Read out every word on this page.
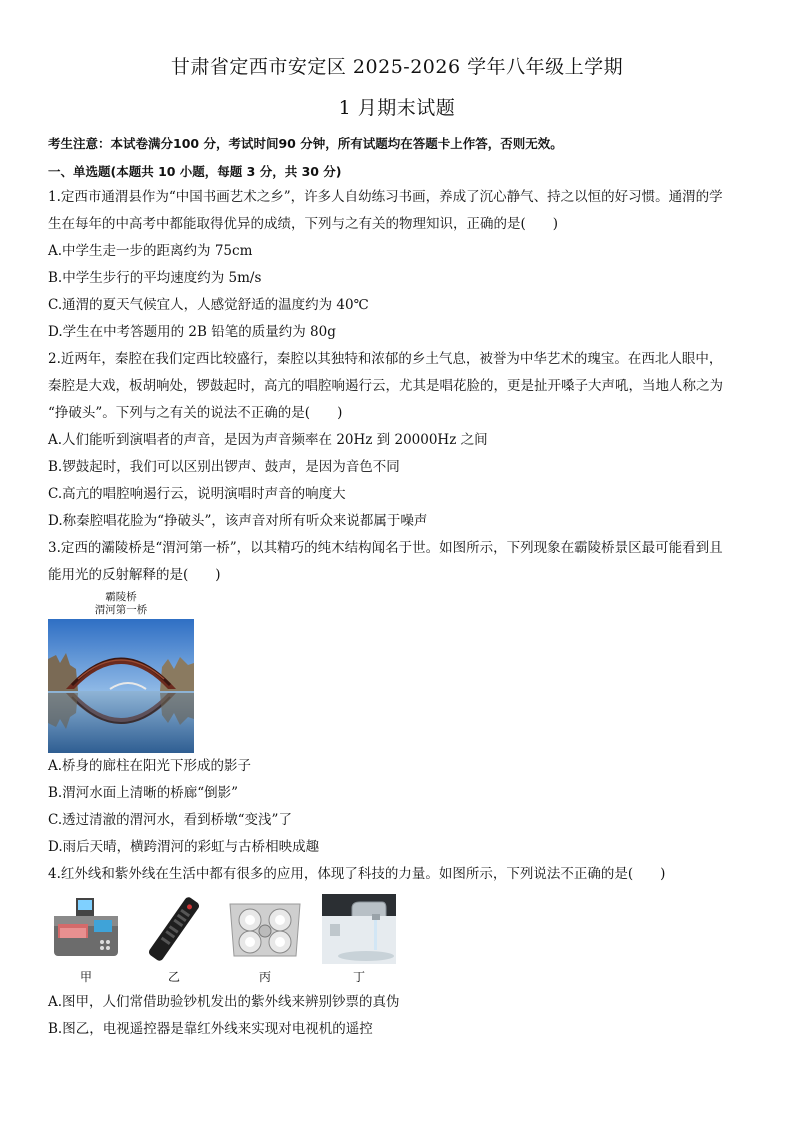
甘肃省定西市安定区 2025-2026 学年八年级上学期
1 月期末试题
考生注意：本试卷满分100 分，考试时间90 分钟，所有试题均在答题卡上作答，否则无效。
一、单选题(本题共 10 小题，每题 3 分，共 30 分)
1.定西市通渭县作为“中国书画艺术之乡”，许多人自幼练习书画，养成了沉心静气、持之以恒的好习惯。通渭的学
生在每年的中高考中都能取得优异的成绩，下列与之有关的物理知识，正确的是(　　)
A.中学生走一步的距离约为 75cm
B.中学生步行的平均速度约为 5m/s
C.通渭的夏天气候宜人，人感觉舒适的温度约为 40℃
D.学生在中考答题用的 2B 铅笔的质量约为 80g
2.近两年，秦腔在我们定西比较盛行，秦腔以其独特和浓郁的乡土气息，被誉为中华艺术的瑰宝。在西北人眼中，
秦腔是大戏，板胡响处，锣鼓起时，高亢的唱腔响遏行云，尤其是唱花脸的，更是扯开嗓子大声吼，当地人称之为
“挣破头”。下列与之有关的说法不正确的是(　　)
A.人们能听到演唱者的声音，是因为声音频率在 20Hz 到 20000Hz 之间
B.锣鼓起时，我们可以区别出锣声、鼓声，是因为音色不同
C.高亢的唱腔响遏行云，说明演唱时声音的响度大
D.称秦腔唱花脸为“挣破头”，该声音对所有听众来说都属于噪声
3.定西的灞陵桥是“渭河第一桥”，以其精巧的纯木结构闻名于世。如图所示，下列现象在霸陵桥景区最可能看到且
能用光的反射解释的是(　　)
霸陵桥
渭河第一桥
A.桥身的廊柱在阳光下形成的影子
B.渭河水面上清晰的桥廊“倒影”
C.透过清澈的渭河水，看到桥墩“变浅”了
D.雨后天晴，横跨渭河的彩虹与古桥相映成趣
4.红外线和紫外线在生活中都有很多的应用，体现了科技的力量。如图所示，下列说法不正确的是(　　)
甲	乙	丙	丁
A.图甲，人们常借助验钞机发出的紫外线来辨别钞票的真伪
B.图乙，电视遥控器是靠红外线来实现对电视机的遥控
